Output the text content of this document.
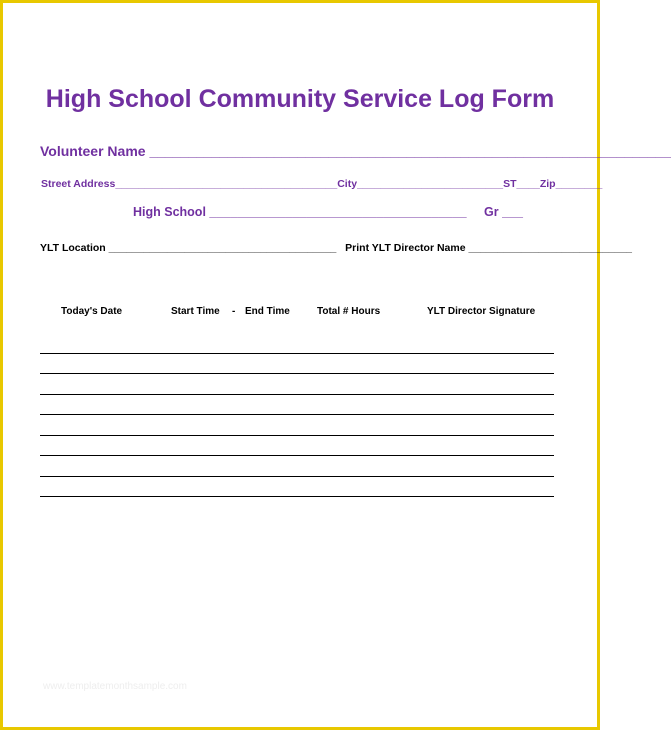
High School Community Service Log Form
Volunteer Name ___________________________________________________________________
Street Address______________________________________City_________________________ST____Zip________
High School _____________________________________ Gr ___
YLT Location _______________________________________ Print YLT Director Name ____________________________
Today's Date	Start Time - End Time	Total # Hours	YLT Director Signature
www.templatemonthsample.com
